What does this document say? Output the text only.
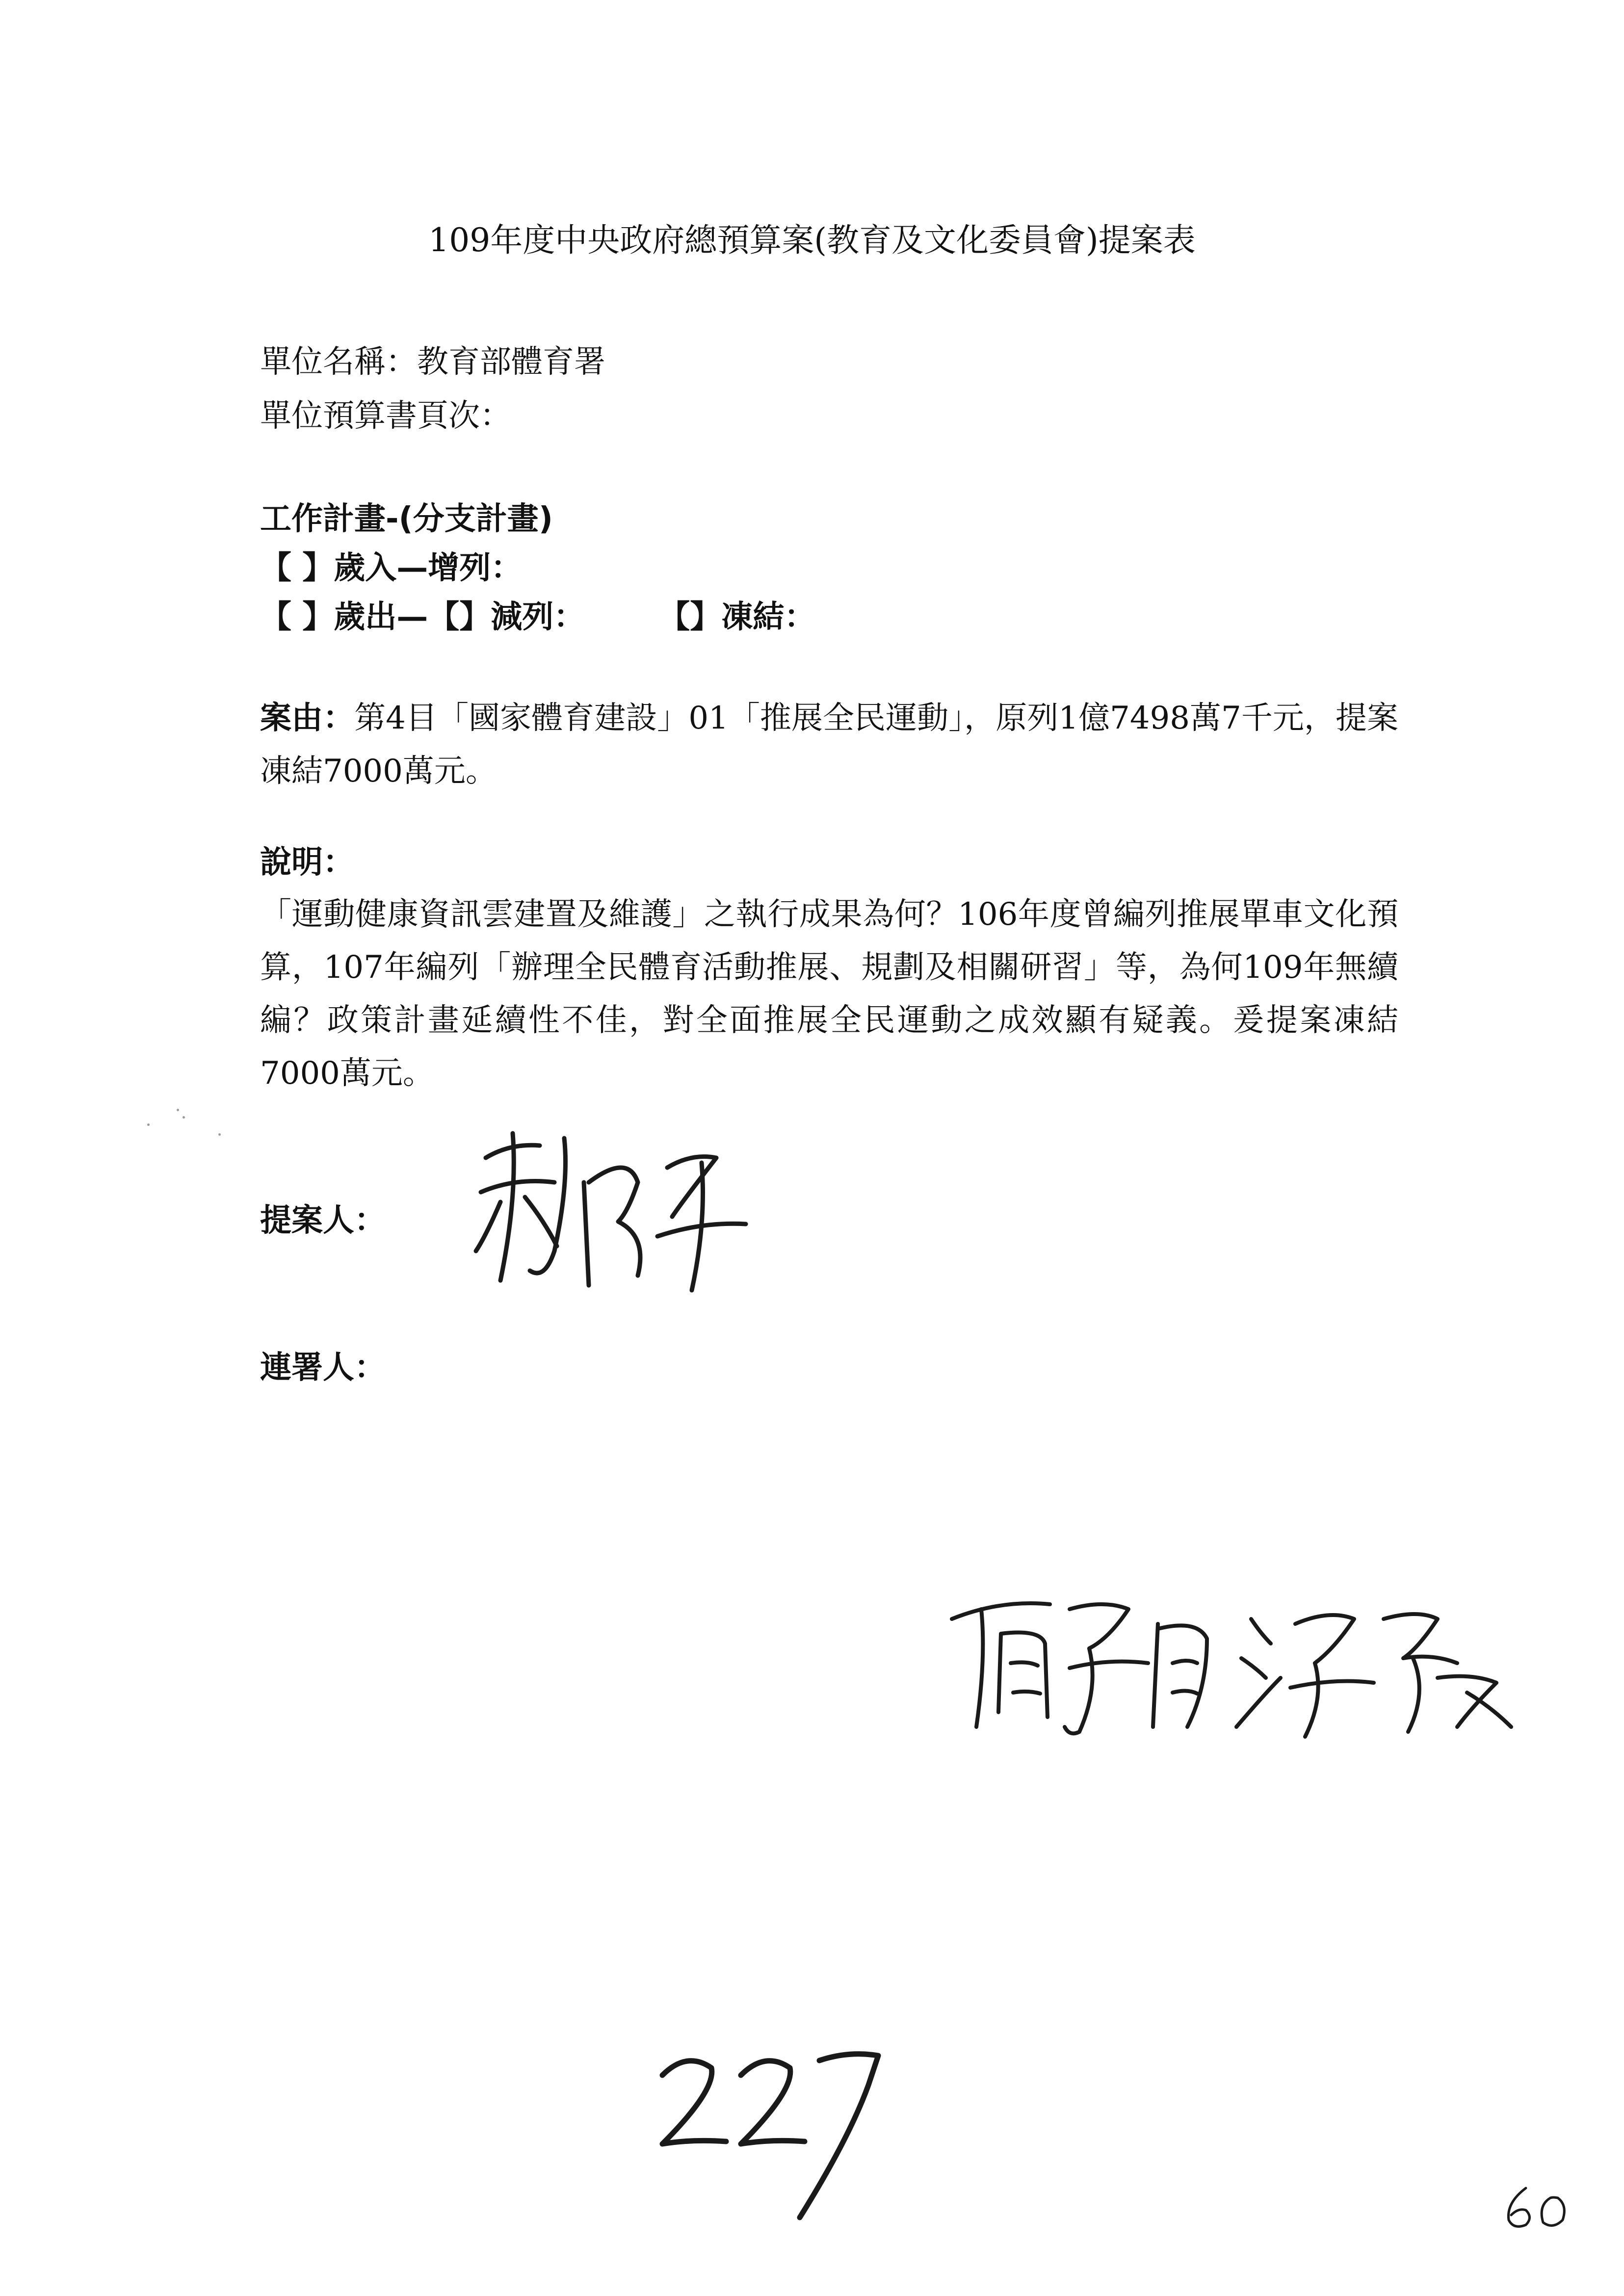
109年度中央政府總預算案(教育及文化委員會)提案表
單位名稱：教育部體育署
單位預算書頁次：
工作計畫-(分支計畫)
【 】歲入—增列：
【 】歲出—【】減列： 【】凍結：
案由：第4目「國家體育建設」01「推展全民運動」，原列1億7498萬7千元，提案凍結7000萬元。
說明：
「運動健康資訊雲建置及維護」之執行成果為何？106年度曾編列推展單車文化預算，107年編列「辦理全民體育活動推展、規劃及相關研習」等，為何109年無續編？政策計畫延續性不佳，對全面推展全民運動之成效顯有疑義。爰提案凍結7000萬元。
提案人：
連署人：
